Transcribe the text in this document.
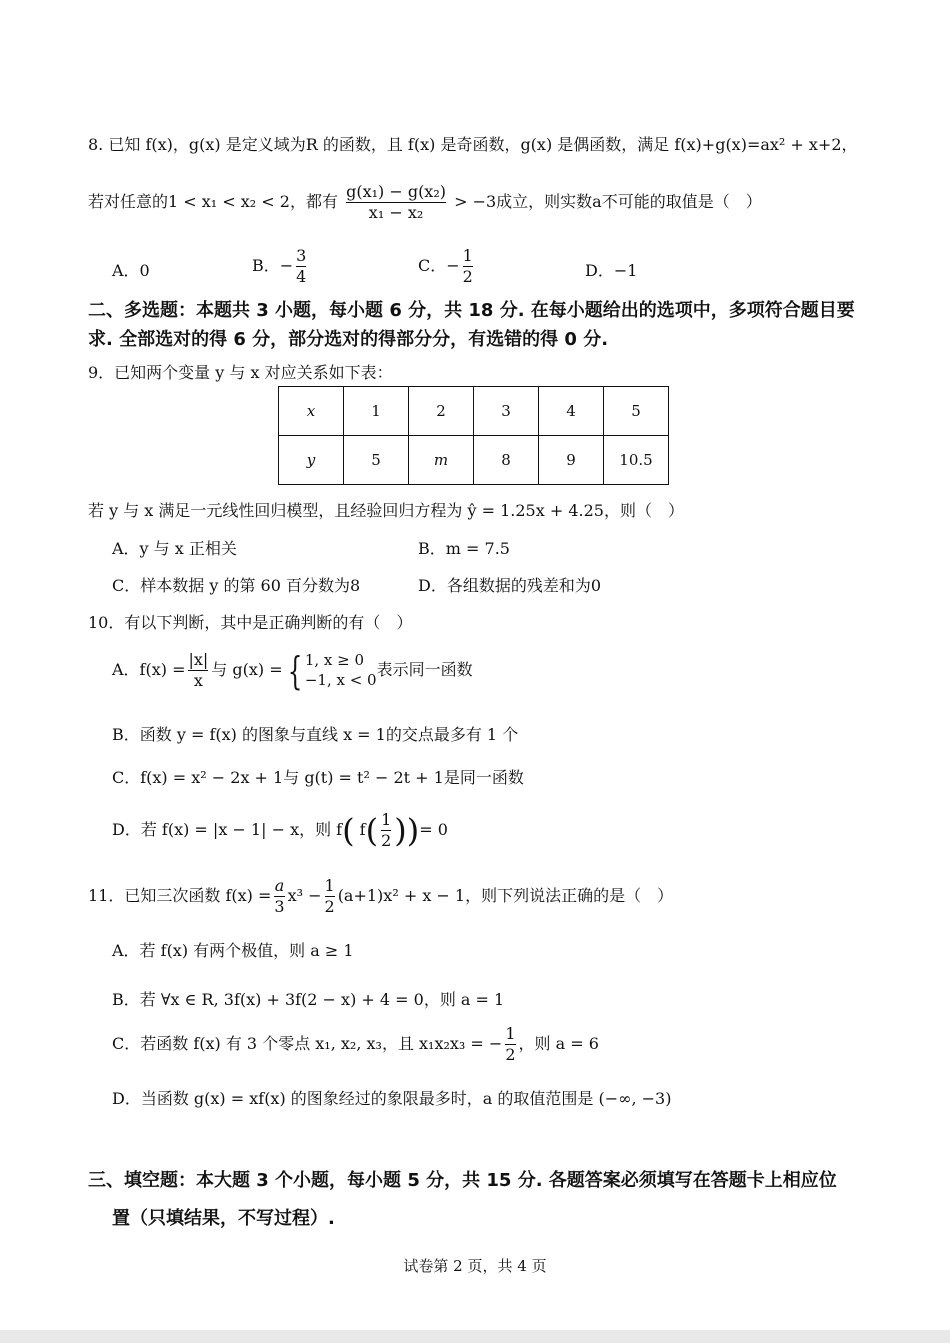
8. 已知 f(x)，g(x) 是定义域为R 的函数，且 f(x) 是奇函数，g(x) 是偶函数，满足 f(x)+g(x)=ax² + x+2，
若对任意的1 < x₁ < x₂ < 2，都有 $\frac{\text{g(x₁) − g(x₂)}}{\text{x₁ − x₂}} > -3$成立，则实数a不可能的取值是（　）
A．0	B．− $\frac{3}{4}$	C．− $\frac{1}{2}$	D．−1
二、多选题：本题共 3 小题，每小题 6 分，共 18 分. 在每小题给出的选项中，多项符合题目要
求. 全部选对的得 6 分，部分选对的得部分分，有选错的得 0 分.
9．已知两个变量 y 与 x 对应关系如下表：
x	1	2	3	4	5
y	5	m	8	9	10.5
若 y 与 x 满足一元线性回归模型，且经验回归方程为 ŷ = 1.25x + 4.25，则（　）
A．y 与 x 正相关	B．m = 7.5
C．样本数据 y 的第 60 百分数为8	D．各组数据的残差和为0
10．有以下判断，其中是正确判断的有（　）
A．$f(x) = \frac{|x|}{x}$ 与 g(x) = { 1, x ≥ 0
−1, x < 0
表示同一函数
B．函数 y = f(x) 的图象与直线 x = 1的交点最多有 1 个
C．f(x) = x² − 2x + 1与 g(t) = t² − 2t + 1是同一函数
D．若 f(x) = |x − 1| − x，则 f( $f( \frac{1}{2}$ ))= 0
11．已知三次函数 $f(x) = \frac{a}{3} x^3 - \frac{1}{2} (a+1)x^2 + x - 1$，则下列说法正确的是（　）
A．若 f(x) 有两个极值，则 a ≥ 1
B．若 ∀x ∈ R, 3f(x) + 3f(2 − x) + 4 = 0，则 a = 1
C．若函数 f(x) 有 3 个零点 x₁, x₂, x₃，且 x₁x₂x₃ = − $\frac{1}{2}$ ，则 a = 6
D．当函数 g(x) = xf(x) 的图象经过的象限最多时，a 的取值范围是 (−∞, −3)
三、填空题：本大题 3 个小题，每小题 5 分，共 15 分. 各题答案必须填写在答题卡上相应位
置（只填结果，不写过程）.
试卷第 2 页，共 4 页
